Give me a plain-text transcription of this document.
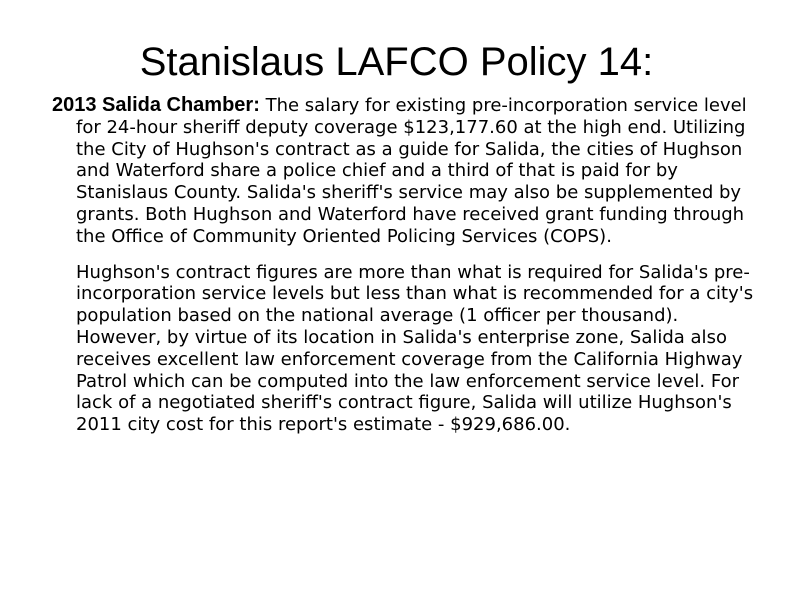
Stanislaus LAFCO Policy 14:

2013 Salida Chamber: The salary for existing pre-incorporation service level for 24-hour sheriff deputy coverage $123,177.60 at the high end. Utilizing the City of Hughson's contract as a guide for Salida, the cities of Hughson and Waterford share a police chief and a third of that is paid for by Stanislaus County. Salida's sheriff's service may also be supplemented by grants. Both Hughson and Waterford have received grant funding through the Office of Community Oriented Policing Services (COPS).

Hughson's contract figures are more than what is required for Salida's pre-incorporation service levels but less than what is recommended for a city's population based on the national average (1 officer per thousand). However, by virtue of its location in Salida's enterprise zone, Salida also receives excellent law enforcement coverage from the California Highway Patrol which can be computed into the law enforcement service level. For lack of a negotiated sheriff's contract figure, Salida will utilize Hughson's 2011 city cost for this report's estimate - $929,686.00.
